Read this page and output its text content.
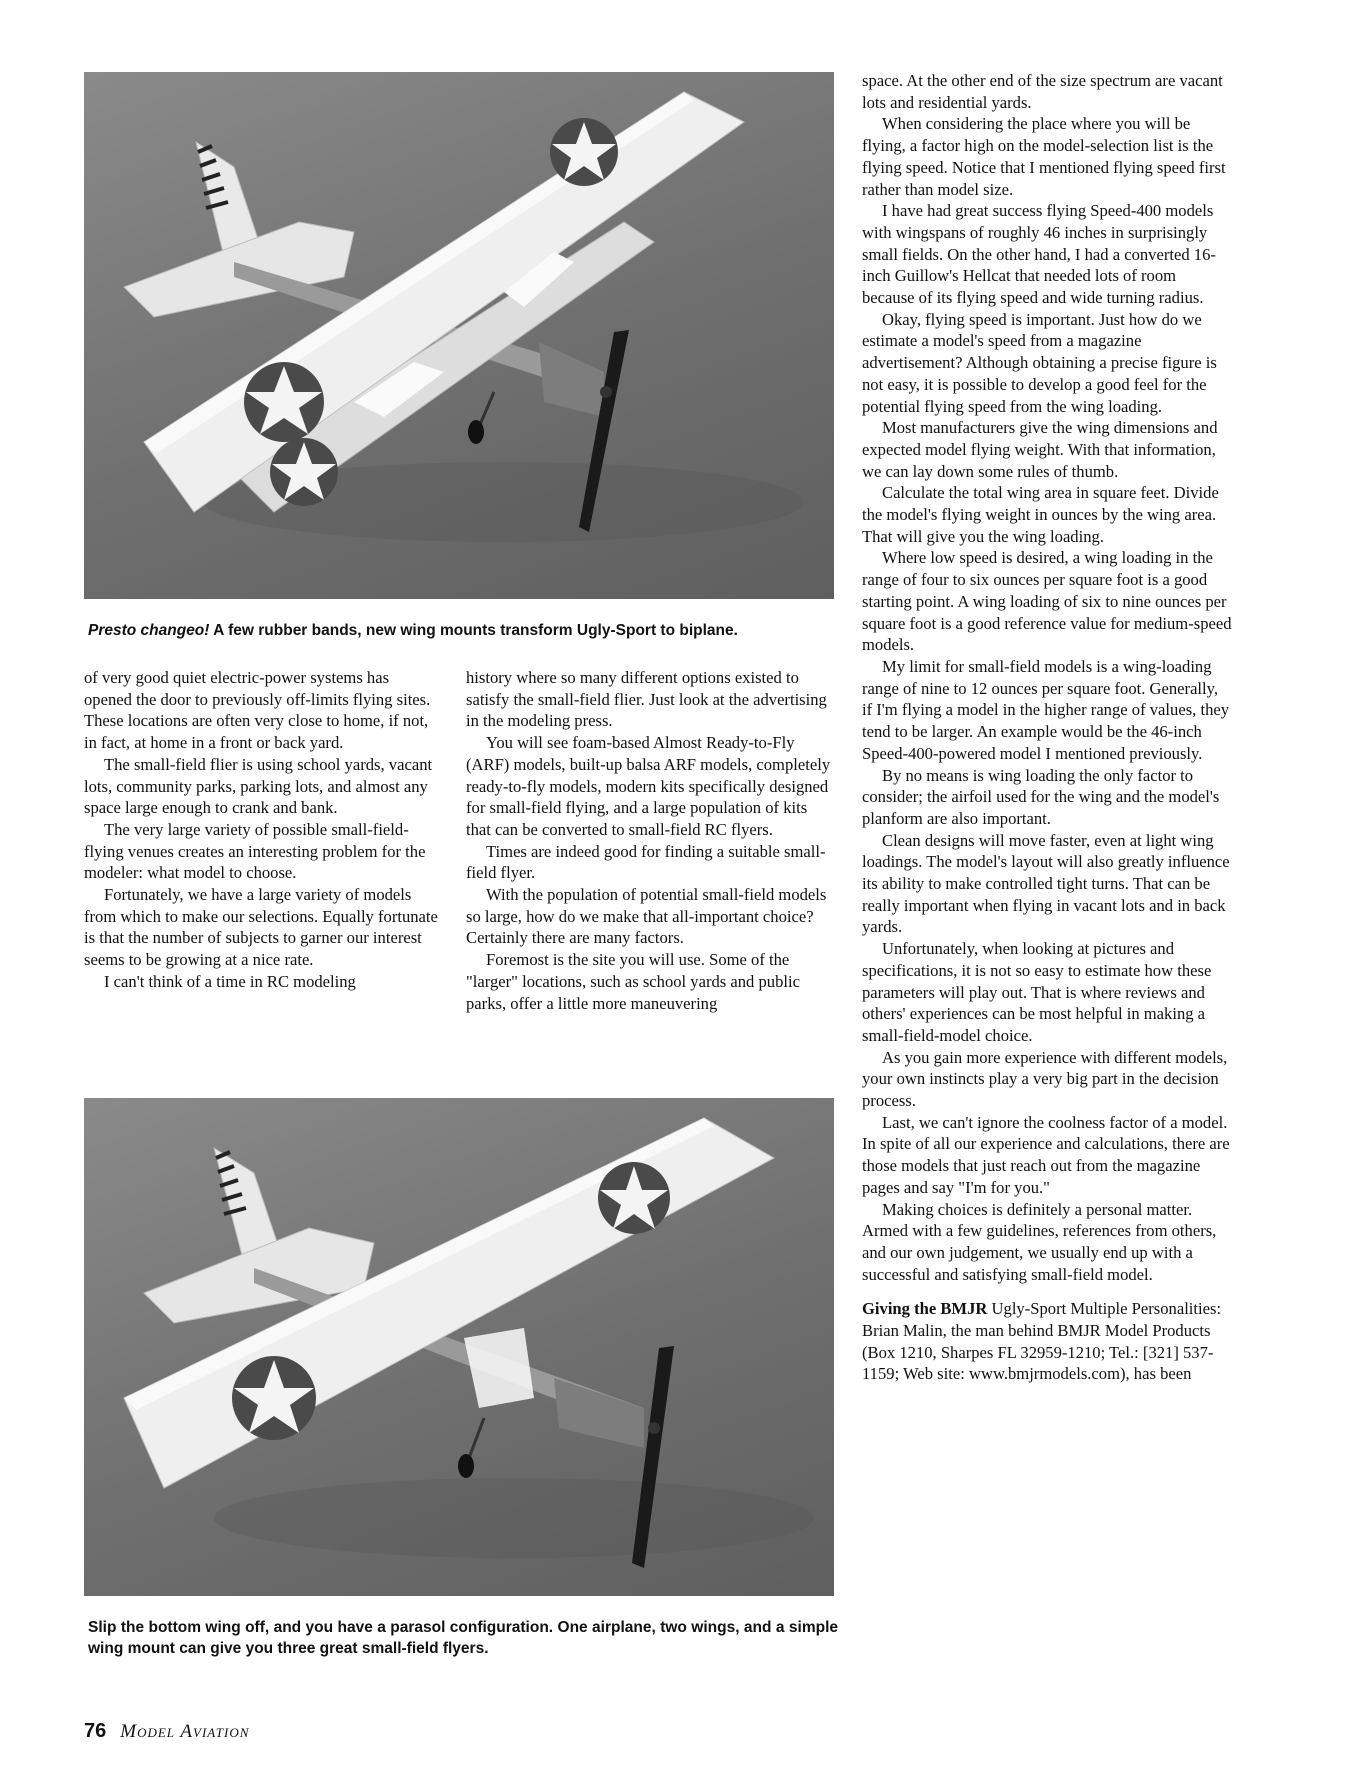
Presto changeo! A few rubber bands, new wing mounts transform Ugly-Sport to biplane.

of very good quiet electric-power systems has opened the door to previously off-limits flying sites. These locations are often very close to home, if not, in fact, at home in a front or back yard.

The small-field flier is using school yards, vacant lots, community parks, parking lots, and almost any space large enough to crank and bank.

The very large variety of possible small-field-flying venues creates an interesting problem for the modeler: what model to choose.

Fortunately, we have a large variety of models from which to make our selections. Equally fortunate is that the number of subjects to garner our interest seems to be growing at a nice rate.

I can't think of a time in RC modeling

history where so many different options existed to satisfy the small-field flier. Just look at the advertising in the modeling press.

You will see foam-based Almost Ready-to-Fly (ARF) models, built-up balsa ARF models, completely ready-to-fly models, modern kits specifically designed for small-field flying, and a large population of kits that can be converted to small-field RC flyers.

Times are indeed good for finding a suitable small-field flyer.

With the population of potential small-field models so large, how do we make that all-important choice? Certainly there are many factors.

Foremost is the site you will use. Some of the "larger" locations, such as school yards and public parks, offer a little more maneuvering

space. At the other end of the size spectrum are vacant lots and residential yards.

When considering the place where you will be flying, a factor high on the model-selection list is the flying speed. Notice that I mentioned flying speed first rather than model size.

I have had great success flying Speed-400 models with wingspans of roughly 46 inches in surprisingly small fields. On the other hand, I had a converted 16-inch Guillow's Hellcat that needed lots of room because of its flying speed and wide turning radius.

Okay, flying speed is important. Just how do we estimate a model's speed from a magazine advertisement? Although obtaining a precise figure is not easy, it is possible to develop a good feel for the potential flying speed from the wing loading.

Most manufacturers give the wing dimensions and expected model flying weight. With that information, we can lay down some rules of thumb.

Calculate the total wing area in square feet. Divide the model's flying weight in ounces by the wing area. That will give you the wing loading.

Where low speed is desired, a wing loading in the range of four to six ounces per square foot is a good starting point. A wing loading of six to nine ounces per square foot is a good reference value for medium-speed models.

My limit for small-field models is a wing-loading range of nine to 12 ounces per square foot. Generally, if I'm flying a model in the higher range of values, they tend to be larger. An example would be the 46-inch Speed-400-powered model I mentioned previously.

By no means is wing loading the only factor to consider; the airfoil used for the wing and the model's planform are also important.

Clean designs will move faster, even at light wing loadings. The model's layout will also greatly influence its ability to make controlled tight turns. That can be really important when flying in vacant lots and in back yards.

Unfortunately, when looking at pictures and specifications, it is not so easy to estimate how these parameters will play out. That is where reviews and others' experiences can be most helpful in making a small-field-model choice.

As you gain more experience with different models, your own instincts play a very big part in the decision process.

Last, we can't ignore the coolness factor of a model. In spite of all our experience and calculations, there are those models that just reach out from the magazine pages and say "I'm for you."

Making choices is definitely a personal matter. Armed with a few guidelines, references from others, and our own judgement, we usually end up with a successful and satisfying small-field model.

Giving the BMJR Ugly-Sport Multiple Personalities: Brian Malin, the man behind BMJR Model Products (Box 1210, Sharpes FL 32959-1210; Tel.: [321] 537-1159; Web site: www.bmjrmodels.com), has been

Slip the bottom wing off, and you have a parasol configuration. One airplane, two wings, and a simple wing mount can give you three great small-field flyers.
76 Model Aviation
